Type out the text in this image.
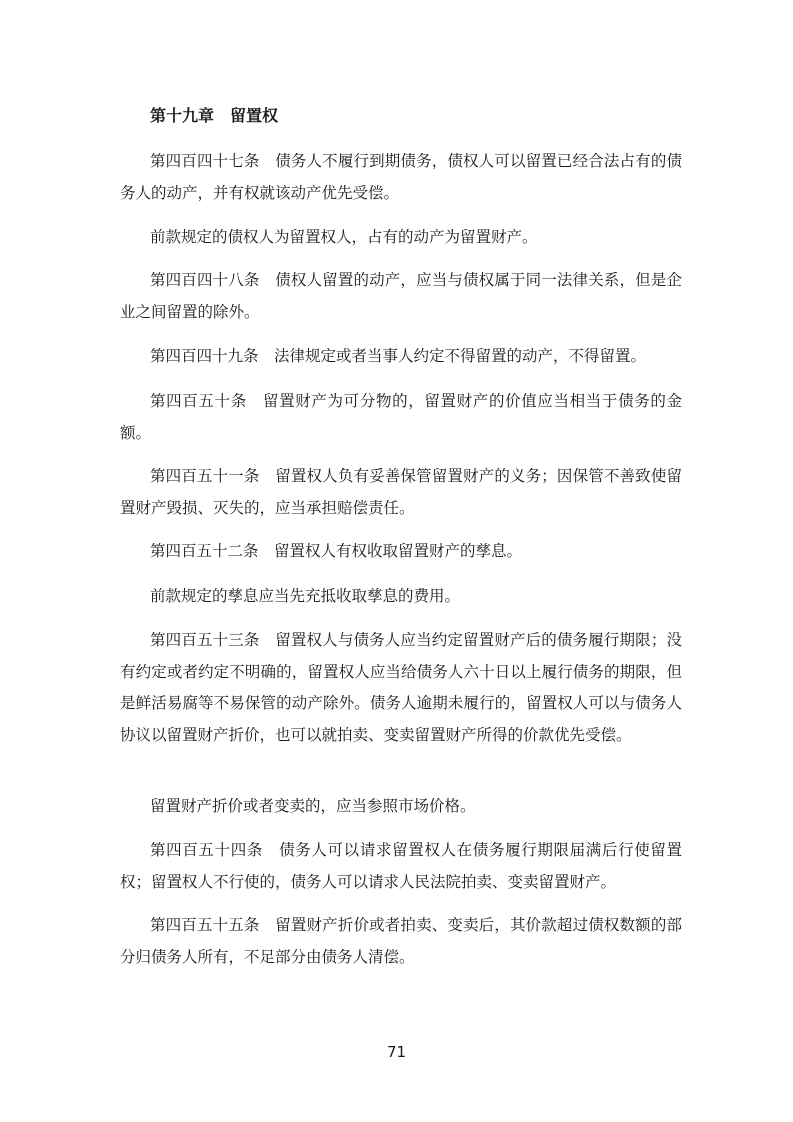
第十九章　留置权

第四百四十七条　债务人不履行到期债务，债权人可以留置已经合法占有的债务人的动产，并有权就该动产优先受偿。

前款规定的债权人为留置权人，占有的动产为留置财产。

第四百四十八条　债权人留置的动产，应当与债权属于同一法律关系，但是企业之间留置的除外。

第四百四十九条　法律规定或者当事人约定不得留置的动产，不得留置。

第四百五十条　留置财产为可分物的，留置财产的价值应当相当于债务的金额。

第四百五十一条　留置权人负有妥善保管留置财产的义务；因保管不善致使留置财产毁损、灭失的，应当承担赔偿责任。

第四百五十二条　留置权人有权收取留置财产的孳息。

前款规定的孳息应当先充抵收取孳息的费用。

第四百五十三条　留置权人与债务人应当约定留置财产后的债务履行期限；没有约定或者约定不明确的，留置权人应当给债务人六十日以上履行债务的期限，但是鲜活易腐等不易保管的动产除外。债务人逾期未履行的，留置权人可以与债务人协议以留置财产折价，也可以就拍卖、变卖留置财产所得的价款优先受偿。

留置财产折价或者变卖的，应当参照市场价格。

第四百五十四条　债务人可以请求留置权人在债务履行期限届满后行使留置权；留置权人不行使的，债务人可以请求人民法院拍卖、变卖留置财产。

第四百五十五条　留置财产折价或者拍卖、变卖后，其价款超过债权数额的部分归债务人所有，不足部分由债务人清偿。

71
